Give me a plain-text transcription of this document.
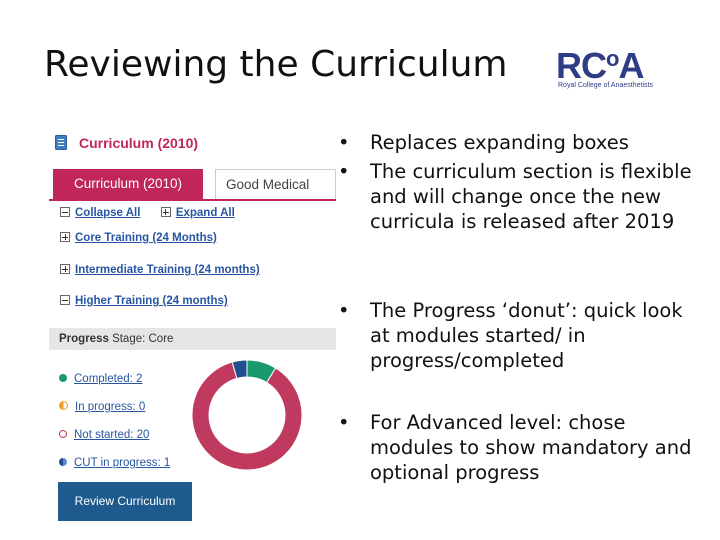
Reviewing the Curriculum $RC^oA$
Royal College of Anaesthetists
Curriculum (2010)
Curriculum (2010)	Good Medical
Collapse All	Expand All
Core Training (24 Months)
Intermediate Training (24 months)
Higher Training (24 months)
Progress Stage: Core
Completed: 2
In progress: 0
Not started: 20
CUT in progress: 1
Review Curriculum
• Replaces expanding boxes
• The curriculum section is flexible and will change once the new curricula is released after 2019
• The Progress ‘donut’: quick look at modules started/ in progress/completed
• For Advanced level: chose modules to show mandatory and optional progress
